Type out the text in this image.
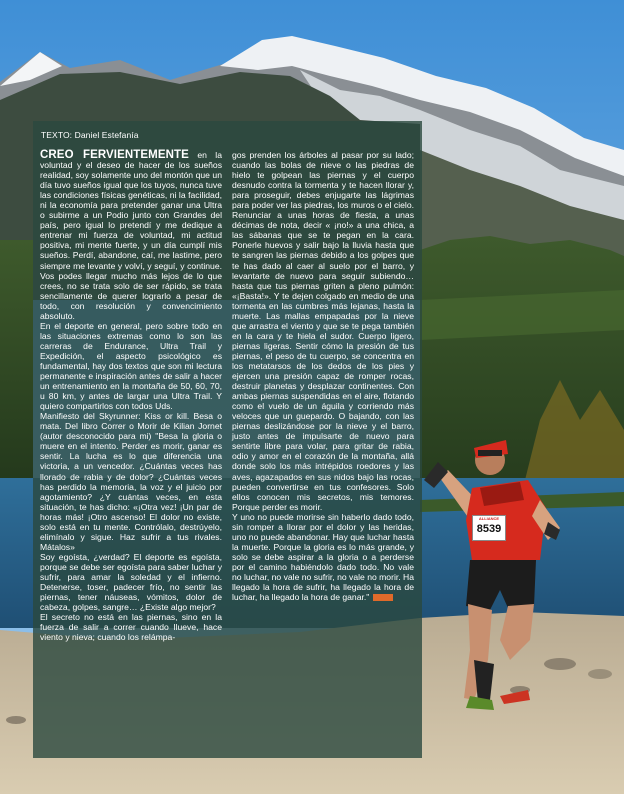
ALLIANCE
8539
TEXTO: Daniel Estefanía

CREO FERVIENTEMENTE en la voluntad y el deseo de hacer de los sueños realidad, soy solamente uno del montón que un día tuvo sueños igual que los tuyos, nunca tuve las condiciones físicas genéticas, ni la facilidad, ni la economía para pretender ganar una Ultra o subirme a un Podio junto con Grandes del país, pero igual lo pretendí y me dedique a entrenar mi fuerza de voluntad, mi actitud positiva, mi mente fuerte, y un día cumplí mis sueños. Perdí, abandone, caí, me lastime, pero siempre me levante y volví, y seguí, y continue. Vos podes llegar mucho más lejos de lo que crees, no se trata solo de ser rápido, se trata sencillamente de querer lograrlo a pesar de todo, con resolución y convencimiento absoluto.

En el deporte en general, pero sobre todo en las situaciones extremas como lo son las carreras de Endurance, Ultra Trail y Expedición, el aspecto psicológico es fundamental, hay dos textos que son mi lectura permanente e inspiración antes de salir a hacer un entrenamiento en la montaña de 50, 60, 70, u 80 km, y antes de largar una Ultra Trail. Y quiero compartirlos con todos Uds.

Manifiesto del Skyrunner: Kiss or kill. Besa o mata. Del libro Correr o Morir de Kilian Jornet (autor desconocido para mi) "Besa la gloria o muere en el intento. Perder es morir, ganar es sentir. La lucha es lo que diferencia una victoria, a un vencedor. ¿Cuántas veces has llorado de rabia y de dolor? ¿Cuántas veces has perdido la memoria, la voz y el juicio por agotamiento? ¿Y cuántas veces, en esta situación, te has dicho: «¡Otra vez! ¡Un par de horas más! ¡Otro ascenso! El dolor no existe, solo está en tu mente. Contrólalo, destrúyelo, elimínalo y sigue. Haz sufrir a tus rivales. Mátalos»

Soy egoísta, ¿verdad? El deporte es egoísta, porque se debe ser egoísta para saber luchar y sufrir, para amar la soledad y el infierno. Detenerse, toser, padecer frío, no sentir las piernas, tener náuseas, vómitos, dolor de cabeza, golpes, sangre… ¿Existe algo mejor?

El secreto no está en las piernas, sino en la fuerza de salir a correr cuando llueve, hace viento y nieva; cuando los relámpa-

gos prenden los árboles al pasar por su lado; cuando las bolas de nieve o las piedras de hielo te golpean las piernas y el cuerpo desnudo contra la tormenta y te hacen llorar y, para proseguir, debes enjugarte las lágrimas para poder ver las piedras, los muros o el cielo. Renunciar a unas horas de fiesta, a unas décimas de nota, decir « ¡no!» a una chica, a las sábanas que se te pegan en la cara. Ponerle huevos y salir bajo la lluvia hasta que te sangren las piernas debido a los golpes que te has dado al caer al suelo por el barro, y levantarte de nuevo para seguir subiendo… hasta que tus piernas griten a pleno pulmón: «¡Basta!». Y te dejen colgado en medio de una tormenta en las cumbres más lejanas, hasta la muerte. Las mallas empapadas por la nieve que arrastra el viento y que se te pega también en la cara y te hiela el sudor. Cuerpo ligero, piernas ligeras. Sentir cómo la presión de tus piernas, el peso de tu cuerpo, se concentra en los metatarsos de los dedos de los pies y ejercen una presión capaz de romper rocas, destruir planetas y desplazar continentes. Con ambas piernas suspendidas en el aire, flotando como el vuelo de un águila y corriendo más veloces que un guepardo. O bajando, con las piernas deslizándose por la nieve y el barro, justo antes de impulsarte de nuevo para sentirte libre para volar, para gritar de rabia, odio y amor en el corazón de la montaña, allá donde solo los más intrépidos roedores y las aves, agazapados en sus nidos bajo las rocas, pueden convertirse en tus confesores. Solo ellos conocen mis secretos, mis temores. Porque perder es morir.

Y uno no puede morirse sin haberlo dado todo, sin romper a llorar por el dolor y las heridas, uno no puede abandonar. Hay que luchar hasta la muerte. Porque la gloria es lo más grande, y solo se debe aspirar a la gloria o a perderse por el camino habiéndolo dado todo. No vale no luchar, no vale no sufrir, no vale no morir. Ha llegado la hora de sufrir, ha llegado la hora de luchar, ha llegado la hora de ganar."
